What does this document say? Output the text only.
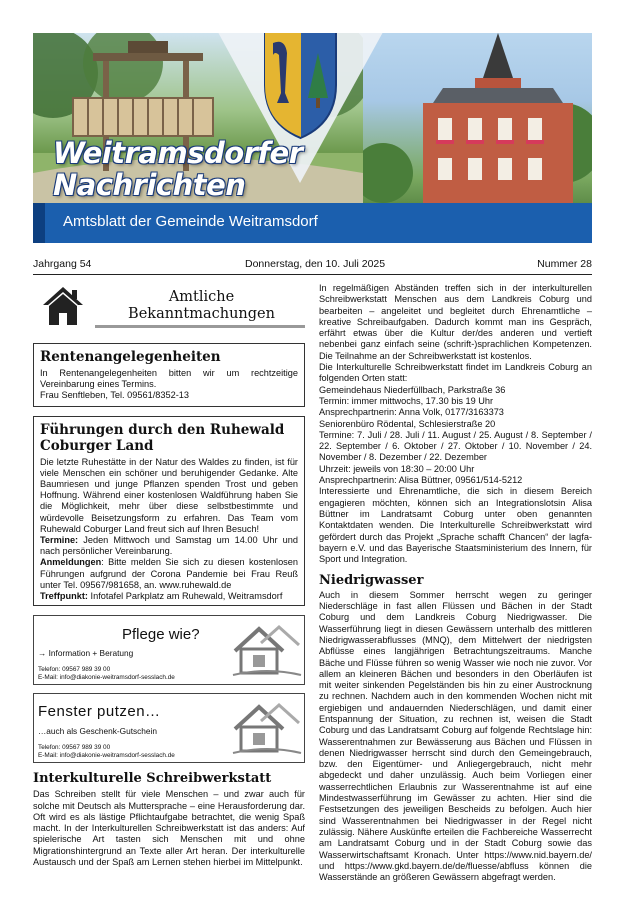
Weitramsdorfer
Nachrichten
Amtsblatt der Gemeinde Weitramsdorf
Jahrgang 54	Donnerstag, den 10. Juli 2025	Nummer 28
Amtliche
Bekanntmachungen
Rentenangelegenheiten

In Rentenangelegenheiten bitten wir um rechtzeitige Vereinbarung eines Termins.

Frau Senftleben, Tel. 09561/8352-13

Führungen durch den Ruhewald
Coburger Land

Die letzte Ruhestätte in der Natur des Waldes zu finden, ist für viele Menschen ein schöner und beruhigender Gedanke. Alte Baumriesen und junge Pflanzen spenden Trost und geben Hoffnung. Während einer kostenlosen Waldführung haben Sie die Möglichkeit, mehr über diese selbstbestimmte und würdevolle Beisetzungsform zu erfahren. Das Team vom Ruhewald Coburger Land freut sich auf Ihren Besuch!

Termine: Jeden Mittwoch und Samstag um 14.00 Uhr und nach persönlicher Vereinbarung.

Anmeldungen: Bitte melden Sie sich zu diesen kostenlosen Führungen aufgrund der Corona Pandemie bei Frau Reuß unter Tel. 09567/981658, an. www.ruhewald.de

Treffpunkt: Infotafel Parkplatz am Ruhewald, Weitramsdorf

Pflege wie?
→ Information + Beratung
Telefon: 09567 989 39 00
E-Mail: info@diakonie-weitramsdorf-sesslach.de
Fenster putzen…
…auch als Geschenk-Gutschein
Telefon: 09567 989 39 00
E-Mail: info@diakonie-weitramsdorf-sesslach.de
Interkulturelle Schreibwerkstatt

Das Schreiben stellt für viele Menschen – und zwar auch für solche mit Deutsch als Muttersprache – eine Herausforderung dar. Oft wird es als lästige Pflichtaufgabe betrachtet, die wenig Spaß macht. In der Interkulturellen Schreibwerkstatt ist das anders: Auf spielerische Art tasten sich Menschen mit und ohne Migrationshintergrund an Texte aller Art heran. Der interkulturelle Austausch und der Spaß am Lernen stehen hierbei im Mittelpunkt.

In regelmäßigen Abständen treffen sich in der interkulturellen Schreibwerkstatt Menschen aus dem Landkreis Coburg und bearbeiten – angeleitet und begleitet durch Ehrenamtliche – kreative Schreibaufgaben. Dadurch kommt man ins Gespräch, erfährt etwas über die Kultur der/des anderen und vertieft nebenbei ganz einfach seine (schrift-)sprachlichen Kompetenzen. Die Teilnahme an der Schreibwerkstatt ist kostenlos.

Die Interkulturelle Schreibwerkstatt findet im Landkreis Coburg an folgenden Orten statt:

Gemeindehaus Niederfüllbach, Parkstraße 36

Termin: immer mittwochs, 17.30 bis 19 Uhr

Ansprechpartnerin: Anna Volk, 0177/3163373

Seniorenbüro Rödental, Schlesierstraße 20

Termine: 7. Juli / 28. Juli / 11. August / 25. August / 8. September / 22. September / 6. Oktober / 27. Oktober / 10. November / 24. November / 8. Dezember / 22. Dezember

Uhrzeit: jeweils von 18:30 – 20:00 Uhr

Ansprechpartnerin: Alisa Büttner, 09561/514-5212

Interessierte und Ehrenamtliche, die sich in diesem Bereich engagieren möchten, können sich an Integrationslotsin Alisa Büttner im Landratsamt Coburg unter oben genannten Kontaktdaten wenden. Die Interkulturelle Schreibwerkstatt wird gefördert durch das Projekt „Sprache schafft Chancen“ der lagfa-bayern e.V. und das Bayerische Staatsministerium des Innern, für Sport und Integration.

Niedrigwasser

Auch in diesem Sommer herrscht wegen zu geringer Niederschläge in fast allen Flüssen und Bächen in der Stadt Coburg und dem Landkreis Coburg Niedrigwasser. Die Wasserführung liegt in diesen Gewässern unterhalb des mittleren Niedrigwasserabflusses (MNQ), dem Mittelwert der niedrigsten Abflüsse eines langjährigen Betrachtungszeitraums. Manche Bäche und Flüsse führen so wenig Wasser wie noch nie zuvor. Vor allem an kleineren Bächen und besonders in den Oberläufen ist mit weiter sinkenden Pegelständen bis hin zu einer Austrocknung zu rechnen. Nachdem auch in den kommenden Wochen nicht mit ergiebigen und andauernden Niederschlägen, und damit einer Entspannung der Situation, zu rechnen ist, weisen die Stadt Coburg und das Landratsamt Coburg auf folgende Rechtslage hin: Wasserentnahmen zur Bewässerung aus Bächen und Flüssen in denen Niedrigwasser herrscht sind durch den Gemeingebrauch, bzw. den Eigentümer- und Anliegergebrauch, nicht mehr abgedeckt und daher unzulässig. Auch beim Vorliegen einer wasserrechtlichen Erlaubnis zur Wasserentnahme ist auf eine Mindestwasserführung im Gewässer zu achten. Hier sind die Festsetzungen des jeweiligen Bescheids zu befolgen. Auch hier sind Wasserentnahmen bei Niedrigwasser in der Regel nicht zulässig. Nähere Auskünfte erteilen die Fachbereiche Wasserrecht am Landratsamt Coburg und in der Stadt Coburg sowie das Wasserwirtschaftsamt Kronach. Unter https://www.nid.bayern.de/ und https://www.gkd.bayern.de/de/fluesse/abfluss können die Wasserstände an größeren Gewässern abgefragt werden.
